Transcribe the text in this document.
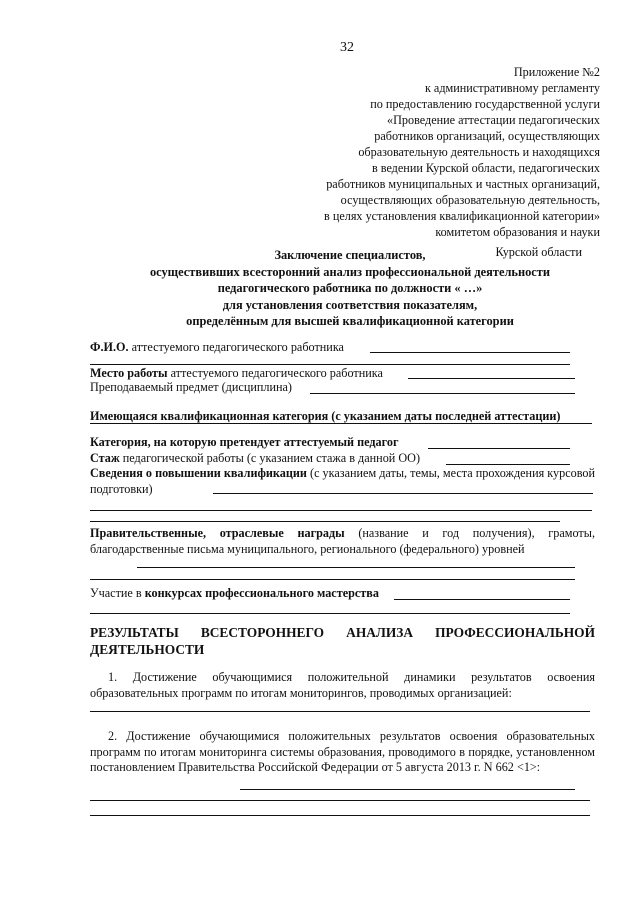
32
Приложение №2
к административному регламенту
по предоставлению государственной услуги
«Проведение аттестации педагогических
работников организаций, осуществляющих
образовательную деятельность и находящихся
в ведении Курской области, педагогических
работников муниципальных и частных организаций,
осуществляющих образовательную деятельность,
в целях установления квалификационной категории»
комитетом образования и науки
Курской области
Заключение специалистов,
осуществивших всесторонний анализ профессиональной деятельности
педагогического работника по должности « …»
для установления соответствия показателям,
определённым для высшей квалификационной категории
Ф.И.О. аттестуемого педагогического работника
Место работы аттестуемого педагогического работника
Преподаваемый предмет (дисциплина)
Имеющаяся квалификационная категория (с указанием даты последней аттестации)
Категория, на которую претендует аттестуемый педагог
Стаж педагогической работы (с указанием стажа в данной ОО)
Сведения о повышении квалификации (с указанием даты, темы, места прохождения курсовой подготовки)
Правительственные, отраслевые награды (название и год получения), грамоты, благодарственные письма муниципального, регионального (федерального) уровней
Участие в конкурсах профессионального мастерства
РЕЗУЛЬТАТЫ ВСЕСТОРОННЕГО АНАЛИЗА ПРОФЕССИОНАЛЬНОЙ ДЕЯТЕЛЬНОСТИ
1. Достижение обучающимися положительной динамики результатов освоения образовательных программ по итогам мониторингов, проводимых организацией:
2. Достижение обучающимися положительных результатов освоения образовательных программ по итогам мониторинга системы образования, проводимого в порядке, установленном постановлением Правительства Российской Федерации от 5 августа 2013 г. N 662 <1>:
